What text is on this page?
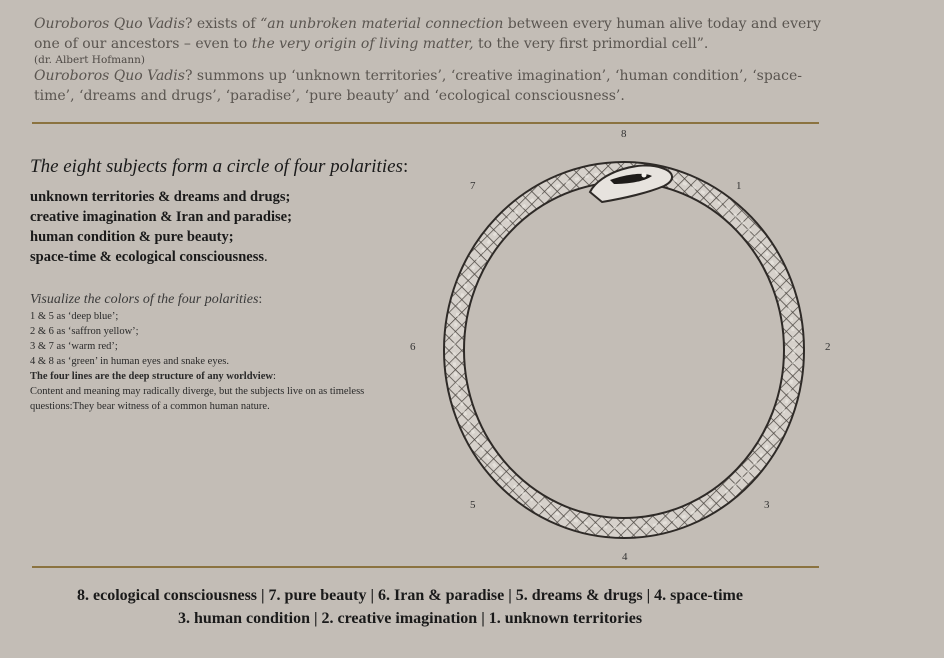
Ouroboros Quo Vadis? exists of “an unbroken material connection between every human alive today and every one of our ancestors – even to the very origin of living matter, to the very first primordial cell”.
(dr. Albert Hofmann)
Ouroboros Quo Vadis? summons up ‘unknown territories’, ‘creative imagination’, ‘human condition’, ‘space-time’, ‘dreams and drugs’, ‘paradise’, ‘pure beauty’ and ‘ecological consciousness’.
The eight subjects form a circle of four polarities:
unknown territories & dreams and drugs;
creative imagination & Iran and paradise;
human condition & pure beauty;
space-time & ecological consciousness.
Visualize the colors of the four polarities:
1 & 5 as ‘deep blue’;
2 & 6 as ‘saffron yellow’;
3 & 7 as ‘warm red’;
4 & 8 as ‘green’ in human eyes and snake eyes.
The four lines are the deep structure of any worldview:
Content and meaning may radically diverge, but the subjects live on as timeless questions:They bear witness of a common human nature.
8
1
2
3
4
5
6
7
8. ecological consciousness | 7. pure beauty | 6. Iran & paradise | 5. dreams & drugs | 4. space-time
3. human condition | 2. creative imagination | 1. unknown territories
